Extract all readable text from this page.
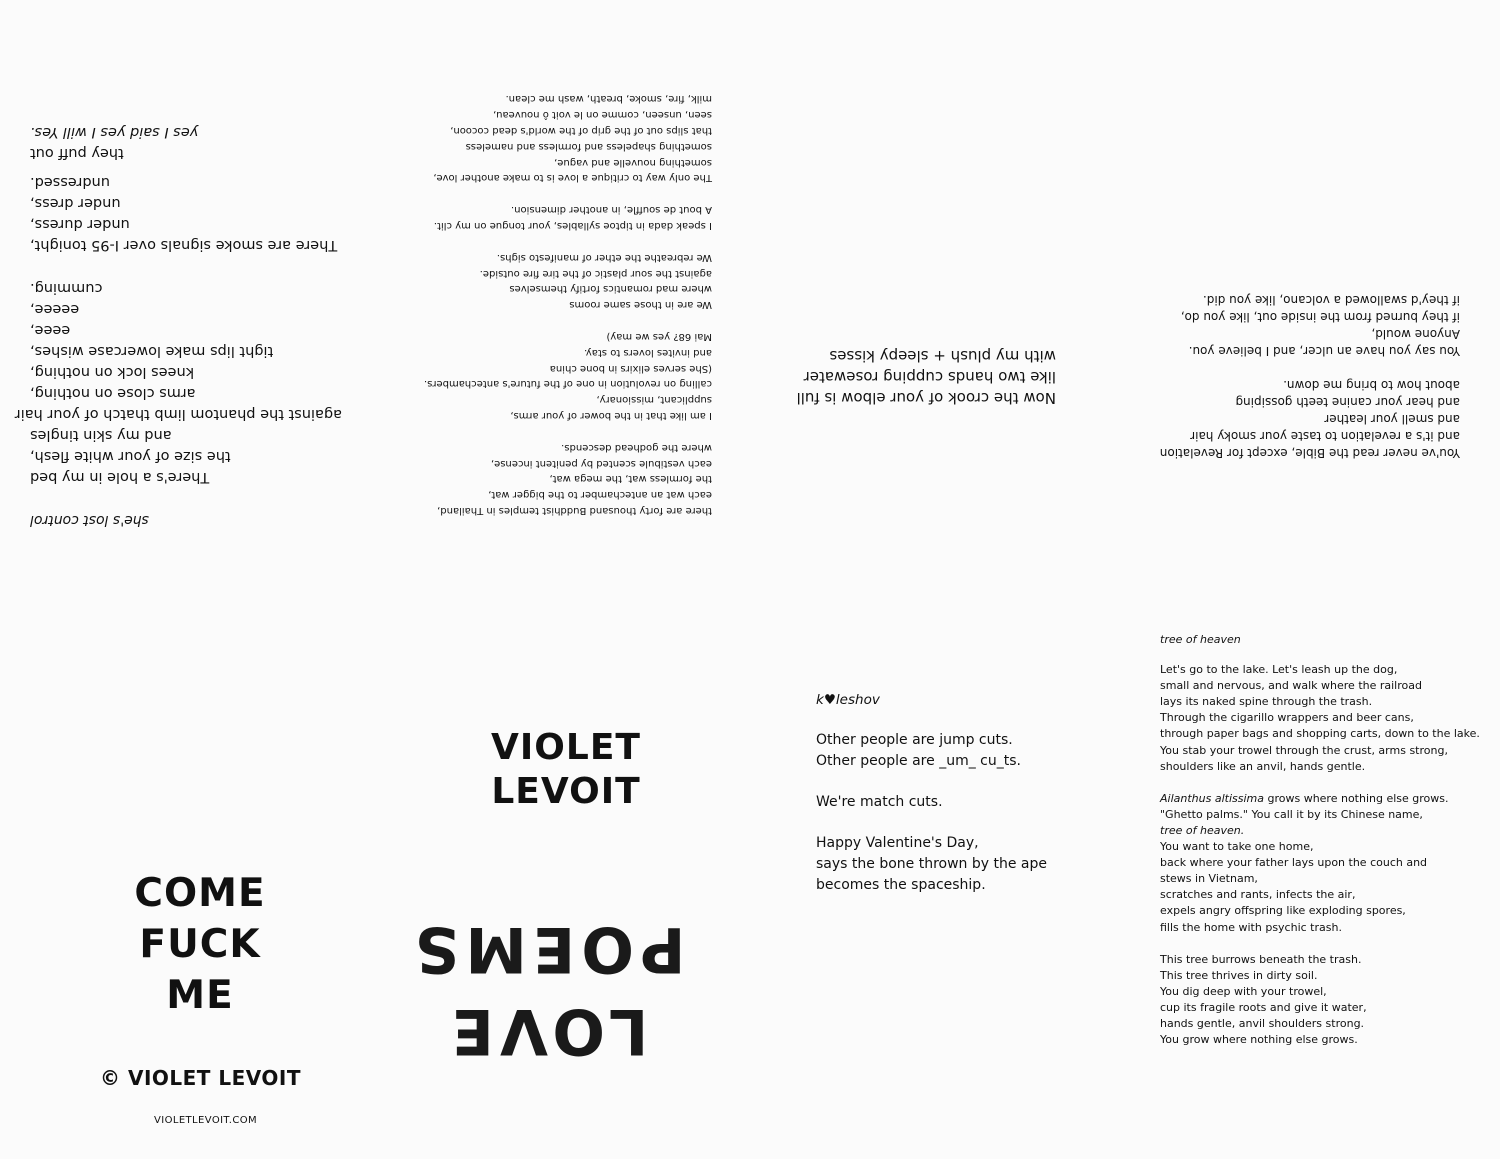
she's lost control
There's a hole in my bed
the size of your white flesh,
and my skin tingles
against the phantom limb thatch of your hair
arms close on nothing,
knees lock on nothing,
tight lips make lowercase wishes,
eeee,
eeeee,
cumming.
There are smoke signals over I-95 tonight,
under duress,
under dress,
undressed.
they puff out
yes I said yes I will Yes.
there are forty thousand Buddhist temples in Thailand,
each wat an antechamber to the bigger wat,
the formless wat, the mega wat,
each vestibule scented by penitent incense,
where the godhead descends.
I am like that in the bower of your arms,
supplicant, missionary,
calling on revolution in one of the future's antechambers.
(She serves elixirs in bone china
and invites lovers to stay.
Mai 68? yes we may)
We are in those same rooms
where mad romantics fortify themselves
against the sour plastic of the tire fire outside.
We rebreathe the ether of manifesto sighs.
I speak dada in tiptoe syllables, your tongue on my clit.
A bout de souffle, in another dimension.
The only way to critique a love is to make another love,
something nouvelle and vague,
something shapeless and formless and nameless
that slips out of the grip of the world's dead cocoon,
seen, unseen, comme on le voit ô nouveau,
milk, fire, smoke, breath, wash me clean.
Now the crook of your elbow is full
like two hands cupping rosewater
with my plush + sleepy kisses
You've never read the Bible, except for Revelation
and it's a revelation to taste your smoky hair
and smell your leather
and hear your canine teeth gossiping
about how to bring me down.
You say you have an ulcer, and I believe you.
Anyone would,
if they burned from the inside out, like you do,
if they'd swallowed a volcano, like you did.
COME
FUCK
ME
© VIOLET LEVOIT
VIOLETLEVOIT.COM
VIOLET
LEVOIT
LOVE
POEMS
k♥leshov
Other people are jump cuts.
Other people are _um_ cu_ts.
We're match cuts.
Happy Valentine's Day,
says the bone thrown by the ape
becomes the spaceship.
tree of heaven
Let's go to the lake. Let's leash up the dog,
small and nervous, and walk where the railroad
lays its naked spine through the trash.
Through the cigarillo wrappers and beer cans,
through paper bags and shopping carts, down to the lake.
You stab your trowel through the crust, arms strong,
shoulders like an anvil, hands gentle.
Ailanthus altissima grows where nothing else grows.
"Ghetto palms." You call it by its Chinese name,
tree of heaven.
You want to take one home,
back where your father lays upon the couch and
stews in Vietnam,
scratches and rants, infects the air,
expels angry offspring like exploding spores,
fills the home with psychic trash.
This tree burrows beneath the trash.
This tree thrives in dirty soil.
You dig deep with your trowel,
cup its fragile roots and give it water,
hands gentle, anvil shoulders strong.
You grow where nothing else grows.
